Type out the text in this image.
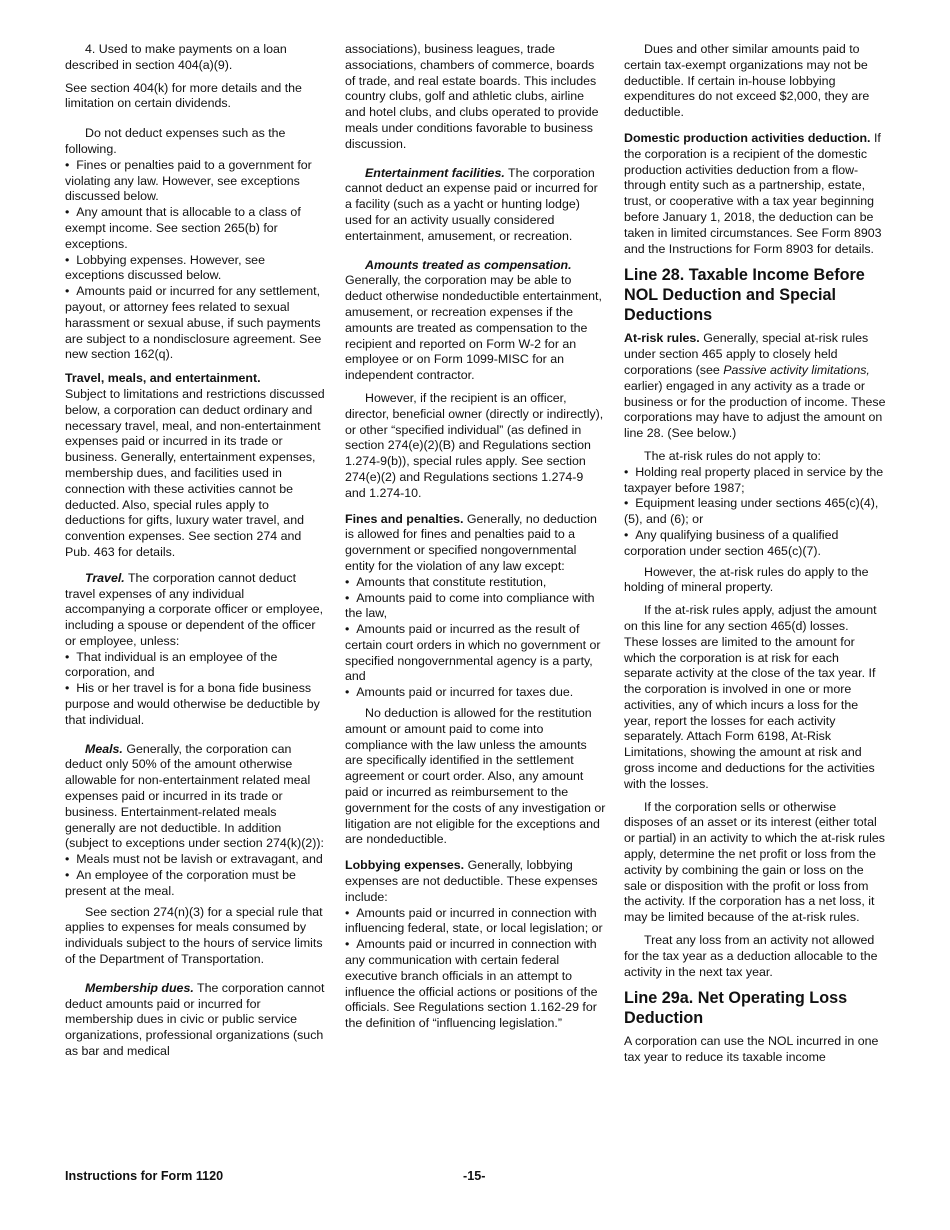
4. Used to make payments on a loan described in section 404(a)(9).

See section 404(k) for more details and the limitation on certain dividends.

Do not deduct expenses such as the following.

•  Fines or penalties paid to a government for violating any law. However, see exceptions discussed below.

•  Any amount that is allocable to a class of exempt income. See section 265(b) for exceptions.

•  Lobbying expenses. However, see exceptions discussed below.

•  Amounts paid or incurred for any settlement, payout, or attorney fees related to sexual harassment or sexual abuse, if such payments are subject to a nondisclosure agreement. See new section 162(q).

Travel, meals, and entertainment.
Subject to limitations and restrictions discussed below, a corporation can deduct ordinary and necessary travel, meal, and non-entertainment expenses paid or incurred in its trade or business. Generally, entertainment expenses, membership dues, and facilities used in connection with these activities cannot be deducted. Also, special rules apply to deductions for gifts, luxury water travel, and convention expenses. See section 274 and Pub. 463 for details.

Travel. The corporation cannot deduct travel expenses of any individual accompanying a corporate officer or employee, including a spouse or dependent of the officer or employee, unless:

•  That individual is an employee of the corporation, and

•  His or her travel is for a bona fide business purpose and would otherwise be deductible by that individual.

Meals. Generally, the corporation can deduct only 50% of the amount otherwise allowable for non-entertainment related meal expenses paid or incurred in its trade or business. Entertainment-related meals generally are not deductible. In addition (subject to exceptions under section 274(k)(2)):

•  Meals must not be lavish or extravagant, and

•  An employee of the corporation must be present at the meal.

See section 274(n)(3) for a special rule that applies to expenses for meals consumed by individuals subject to the hours of service limits of the Department of Transportation.

Membership dues. The corporation cannot deduct amounts paid or incurred for membership dues in civic or public service organizations, professional organizations (such as bar and medical

associations), business leagues, trade associations, chambers of commerce, boards of trade, and real estate boards. This includes country clubs, golf and athletic clubs, airline and hotel clubs, and clubs operated to provide meals under conditions favorable to business discussion.

Entertainment facilities. The corporation cannot deduct an expense paid or incurred for a facility (such as a yacht or hunting lodge) used for an activity usually considered entertainment, amusement, or recreation.

Amounts treated as compensation. Generally, the corporation may be able to deduct otherwise nondeductible entertainment, amusement, or recreation expenses if the amounts are treated as compensation to the recipient and reported on Form W-2 for an employee or on Form 1099-MISC for an independent contractor.

However, if the recipient is an officer, director, beneficial owner (directly or indirectly), or other “specified individual” (as defined in section 274(e)(2)(B) and Regulations section 1.274-9(b)), special rules apply. See section 274(e)(2) and Regulations sections 1.274-9 and 1.274-10.

Fines and penalties. Generally, no deduction is allowed for fines and penalties paid to a government or specified nongovernmental entity for the violation of any law except:

•  Amounts that constitute restitution,

•  Amounts paid to come into compliance with the law,

•  Amounts paid or incurred as the result of certain court orders in which no government or specified nongovernmental agency is a party, and

•  Amounts paid or incurred for taxes due.

No deduction is allowed for the restitution amount or amount paid to come into compliance with the law unless the amounts are specifically identified in the settlement agreement or court order. Also, any amount paid or incurred as reimbursement to the government for the costs of any investigation or litigation are not eligible for the exceptions and are nondeductible.

Lobbying expenses. Generally, lobbying expenses are not deductible. These expenses include:

•  Amounts paid or incurred in connection with influencing federal, state, or local legislation; or

•  Amounts paid or incurred in connection with any communication with certain federal executive branch officials in an attempt to influence the official actions or positions of the officials. See Regulations section 1.162-29 for the definition of “influencing legislation.”

Dues and other similar amounts paid to certain tax-exempt organizations may not be deductible. If certain in-house lobbying expenditures do not exceed $2,000, they are deductible.

Domestic production activities deduction. If the corporation is a recipient of the domestic production activities deduction from a flow-through entity such as a partnership, estate, trust, or cooperative with a tax year beginning before January 1, 2018, the deduction can be taken in limited circumstances. See Form 8903 and the Instructions for Form 8903 for details.

Line 28. Taxable Income Before NOL Deduction and Special Deductions

At-risk rules. Generally, special at-risk rules under section 465 apply to closely held corporations (see Passive activity limitations, earlier) engaged in any activity as a trade or business or for the production of income. These corporations may have to adjust the amount on line 28. (See below.)

The at-risk rules do not apply to:

•  Holding real property placed in service by the taxpayer before 1987;

•  Equipment leasing under sections 465(c)(4), (5), and (6); or

•  Any qualifying business of a qualified corporation under section 465(c)(7).

However, the at-risk rules do apply to the holding of mineral property.

If the at-risk rules apply, adjust the amount on this line for any section 465(d) losses. These losses are limited to the amount for which the corporation is at risk for each separate activity at the close of the tax year. If the corporation is involved in one or more activities, any of which incurs a loss for the year, report the losses for each activity separately. Attach Form 6198, At-Risk Limitations, showing the amount at risk and gross income and deductions for the activities with the losses.

If the corporation sells or otherwise disposes of an asset or its interest (either total or partial) in an activity to which the at-risk rules apply, determine the net profit or loss from the activity by combining the gain or loss on the sale or disposition with the profit or loss from the activity. If the corporation has a net loss, it may be limited because of the at-risk rules.

Treat any loss from an activity not allowed for the tax year as a deduction allocable to the activity in the next tax year.

Line 29a. Net Operating Loss Deduction

A corporation can use the NOL incurred in one tax year to reduce its taxable income

Instructions for Form 1120	-15-
